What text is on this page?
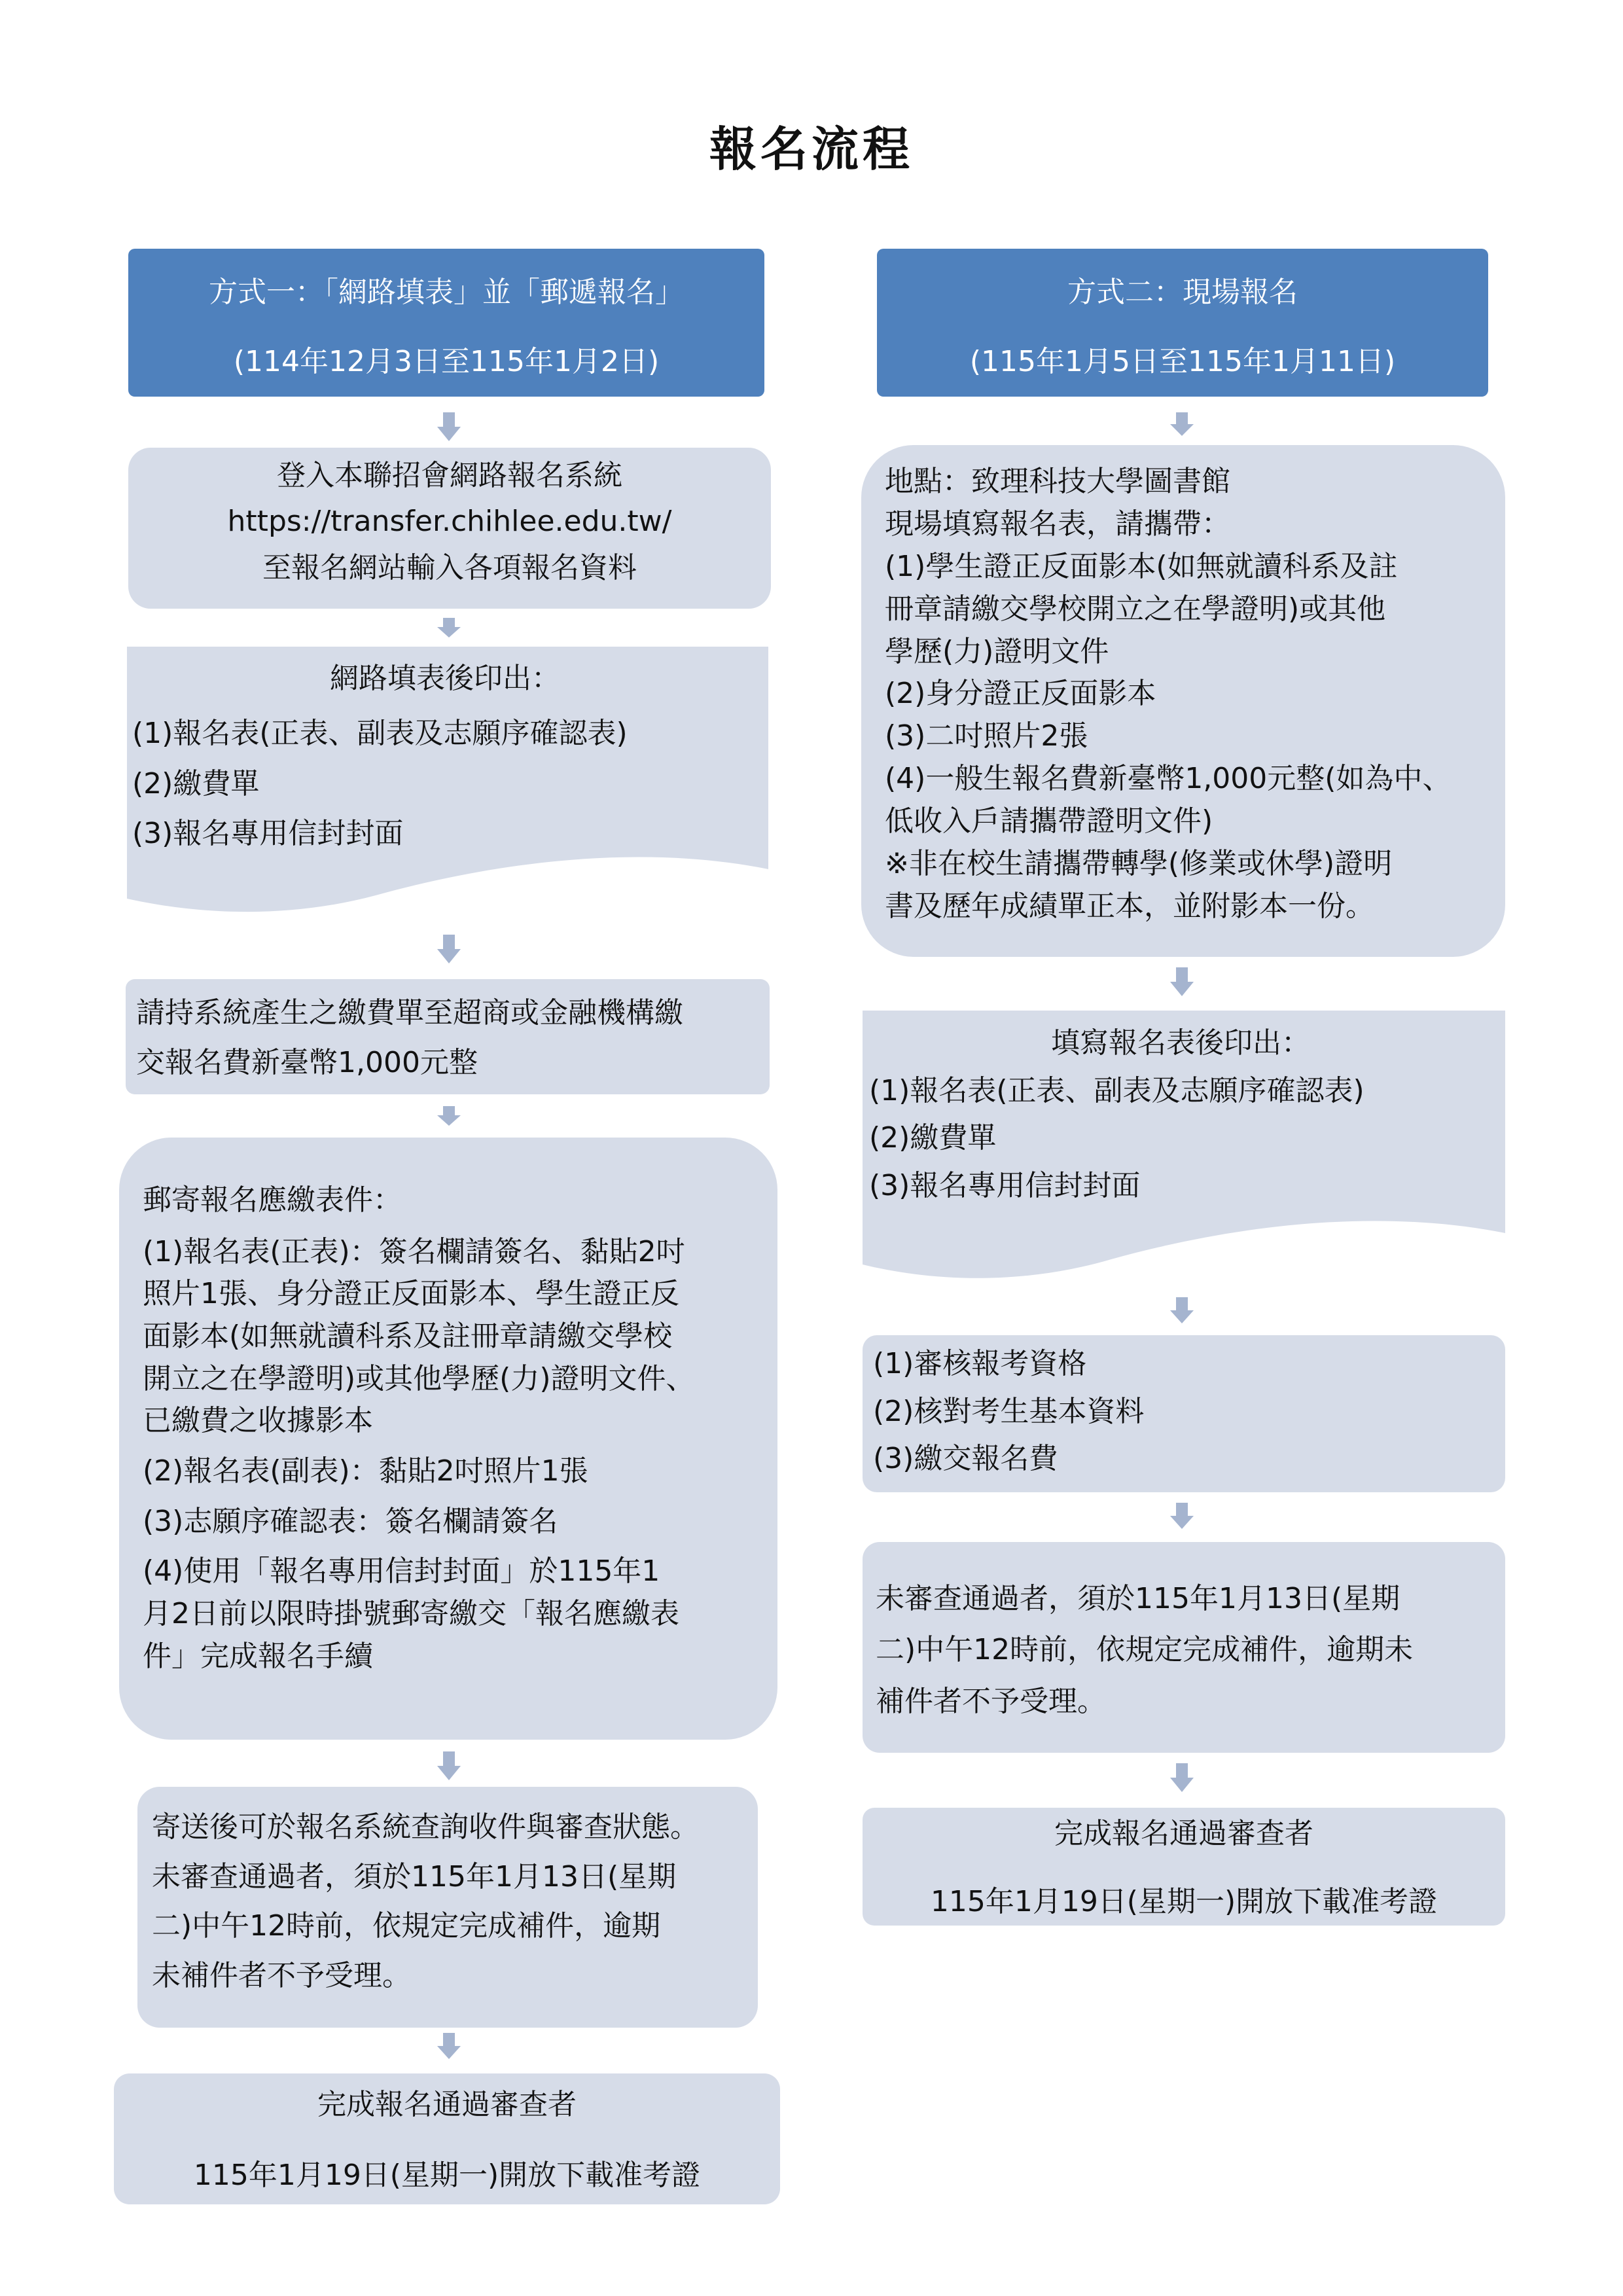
報名流程
方式一：「網路填表」並「郵遞報名」
(114年12月3日至115年1月2日)
登入本聯招會網路報名系統
https://transfer.chihlee.edu.tw/
至報名網站輸入各項報名資料
網路填表後印出：
(1)報名表(正表、副表及志願序確認表)
(2)繳費單
(3)報名專用信封封面
請持系統產生之繳費單至超商或金融機構繳
交報名費新臺幣1,000元整
郵寄報名應繳表件：
(1)報名表(正表)：簽名欄請簽名、黏貼2吋
照片1張、身分證正反面影本、學生證正反
面影本(如無就讀科系及註冊章請繳交學校
開立之在學證明)或其他學歷(力)證明文件、
已繳費之收據影本
(2)報名表(副表)：黏貼2吋照片1張
(3)志願序確認表：簽名欄請簽名
(4)使用「報名專用信封封面」於115年1
月2日前以限時掛號郵寄繳交「報名應繳表
件」完成報名手續
寄送後可於報名系統查詢收件與審查狀態。
未審查通過者，須於115年1月13日(星期
二)中午12時前，依規定完成補件，逾期
未補件者不予受理。
完成報名通過審查者
115年1月19日(星期一)開放下載准考證
方式二：現場報名
(115年1月5日至115年1月11日)
地點：致理科技大學圖書館
現場填寫報名表，請攜帶：
(1)學生證正反面影本(如無就讀科系及註
冊章請繳交學校開立之在學證明)或其他
學歷(力)證明文件
(2)身分證正反面影本
(3)二吋照片2張
(4)一般生報名費新臺幣1,000元整(如為中、
低收入戶請攜帶證明文件)
※非在校生請攜帶轉學(修業或休學)證明
書及歷年成績單正本，並附影本一份。
填寫報名表後印出：
(1)報名表(正表、副表及志願序確認表)
(2)繳費單
(3)報名專用信封封面
(1)審核報考資格
(2)核對考生基本資料
(3)繳交報名費
未審查通過者，須於115年1月13日(星期
二)中午12時前，依規定完成補件，逾期未
補件者不予受理。
完成報名通過審查者
115年1月19日(星期一)開放下載准考證
